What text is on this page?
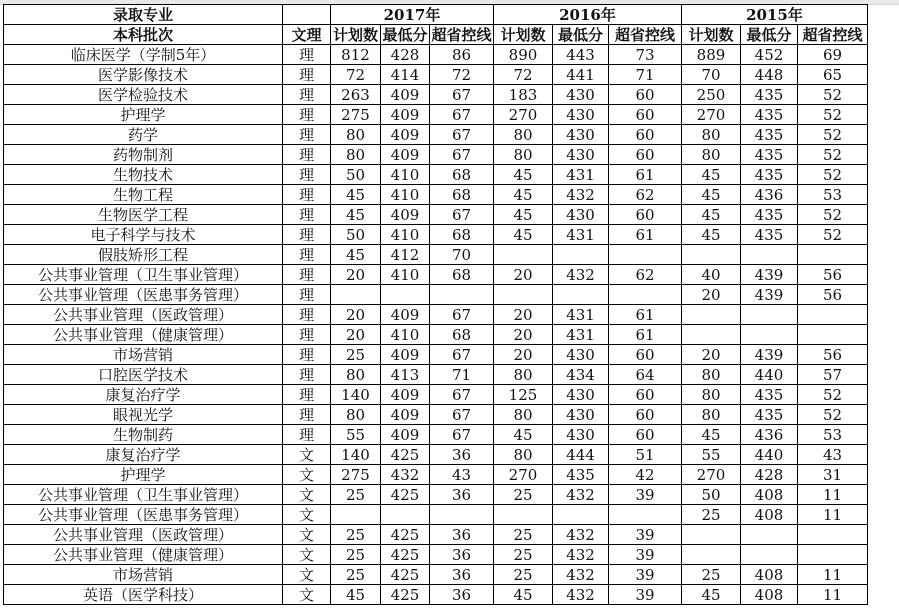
录取专业		2017年			2016年			2015年		
本科批次	文理	计划数	最低分	超省控线	计划数	最低分	超省控线	计划数	最低分	超省控线
临床医学（学制5年）	理	812	428	86	890	443	73	889	452	69
医学影像技术	理	72	414	72	72	441	71	70	448	65
医学检验技术	理	263	409	67	183	430	60	250	435	52
护理学	理	275	409	67	270	430	60	270	435	52
药学	理	80	409	67	80	430	60	80	435	52
药物制剂	理	80	409	67	80	430	60	80	435	52
生物技术	理	50	410	68	45	431	61	45	435	52
生物工程	理	45	410	68	45	432	62	45	436	53
生物医学工程	理	45	409	67	45	430	60	45	435	52
电子科学与技术	理	50	410	68	45	431	61	45	435	52
假肢矫形工程	理	45	412	70						
公共事业管理（卫生事业管理）	理	20	410	68	20	432	62	40	439	56
公共事业管理（医患事务管理）	理							20	439	56
公共事业管理（医政管理）	理	20	409	67	20	431	61			
公共事业管理（健康管理）	理	20	410	68	20	431	61			
市场营销	理	25	409	67	20	430	60	20	439	56
口腔医学技术	理	80	413	71	80	434	64	80	440	57
康复治疗学	理	140	409	67	125	430	60	80	435	52
眼视光学	理	80	409	67	80	430	60	80	435	52
生物制药	理	55	409	67	45	430	60	45	436	53
康复治疗学	文	140	425	36	80	444	51	55	440	43
护理学	文	275	432	43	270	435	42	270	428	31
公共事业管理（卫生事业管理）	文	25	425	36	25	432	39	50	408	11
公共事业管理（医患事务管理）	文							25	408	11
公共事业管理（医政管理）	文	25	425	36	25	432	39			
公共事业管理（健康管理）	文	25	425	36	25	432	39			
市场营销	文	25	425	36	25	432	39	25	408	11
英语（医学科技）	文	45	425	36	45	432	39	45	408	11
